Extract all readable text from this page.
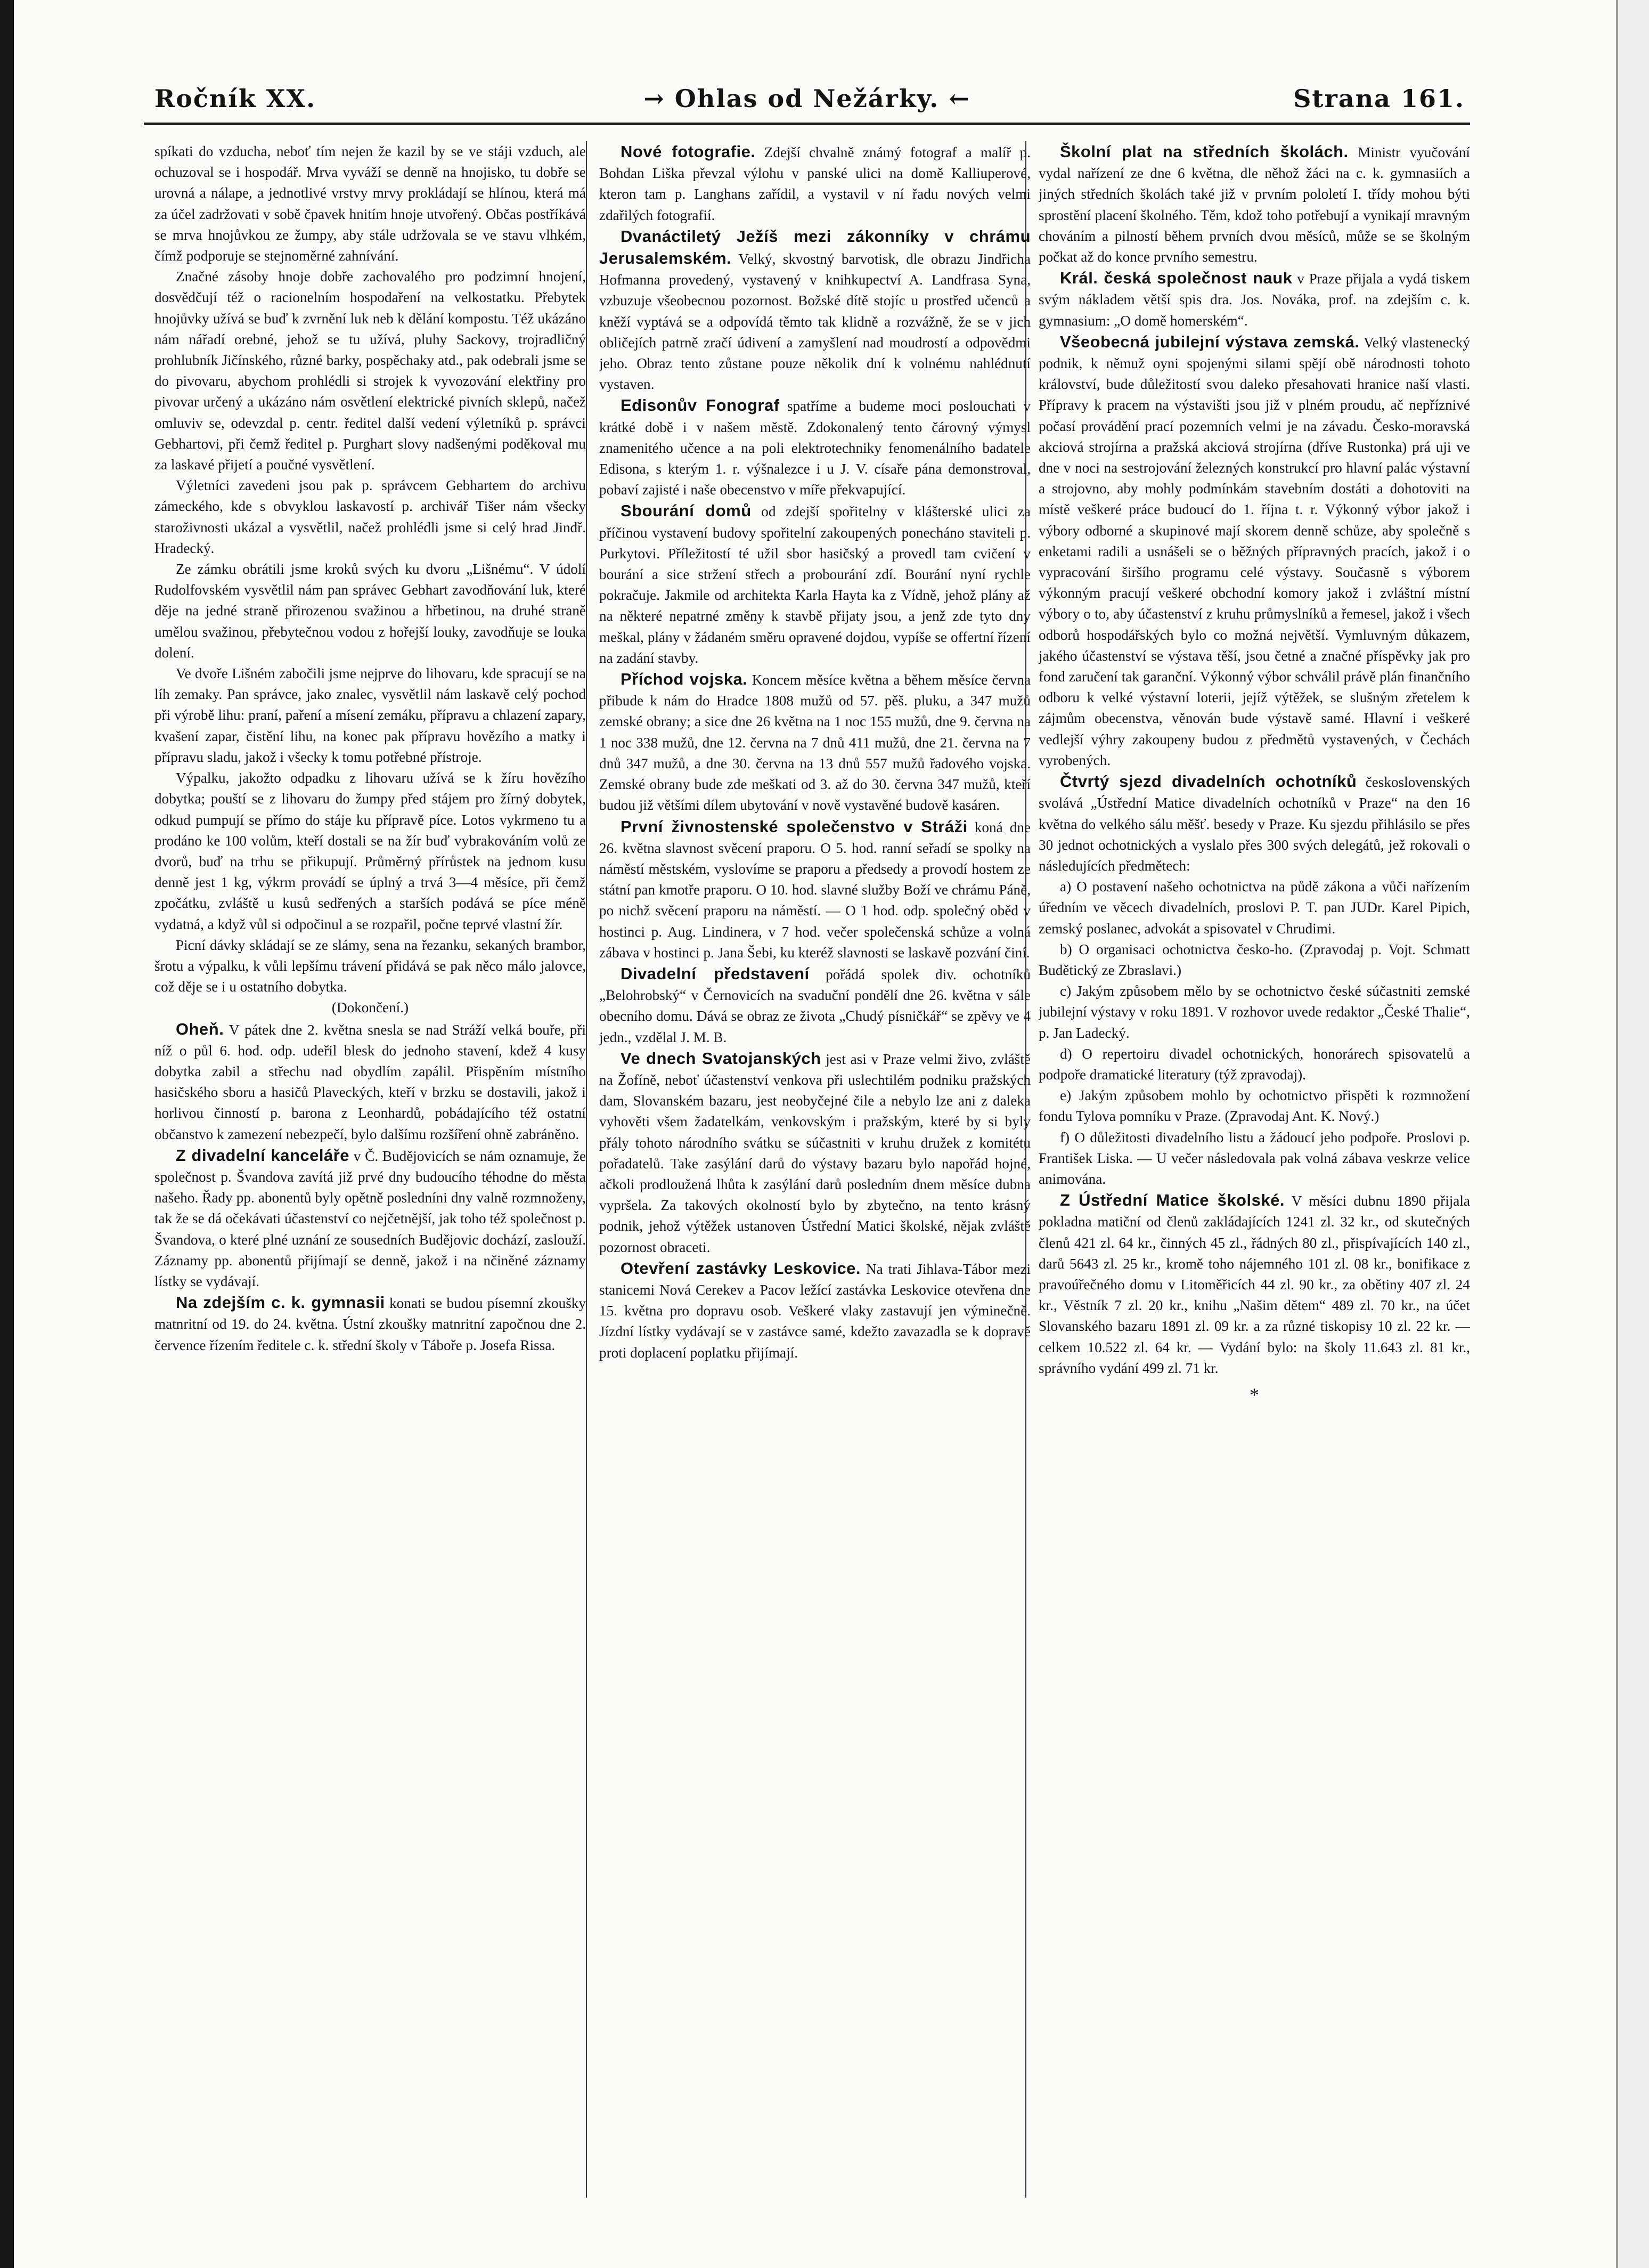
Ročník XX.	→ Ohlas od Nežárky. ←	Strana 161.

spíkati do vzducha, neboť tím nejen že kazil by se ve stáji vzduch, ale ochuzoval se i hospodář. Mrva vyváží se denně na hnojisko, tu dobře se urovná a nálape, a jednotlivé vrstvy mrvy prokládají se hlínou, která má za účel zadržovati v sobě čpavek hnitím hnoje utvořený. Občas postříkává se mrva hnojůvkou ze žumpy, aby stále udržovala se ve stavu vlhkém, čímž podporuje se stejnoměrné zahnívání.

Značné zásoby hnoje dobře zachovalého pro podzimní hnojení, dosvědčují též o racionelním hospodaření na velkostatku. Přebytek hnojůvky užívá se buď k zvrnění luk neb k dělání kompostu. Též ukázáno nám nářadí orebné, jehož se tu užívá, pluhy Sackovy, trojradličný prohlubník Jičínského, různé barky, pospěchaky atd., pak odebrali jsme se do pivovaru, abychom prohlédli si strojek k vyvozování elektřiny pro pivovar určený a ukázáno nám osvětlení elektrické pivních sklepů, načež omluviv se, odevzdal p. centr. ředitel další vedení výletníků p. správci Gebhartovi, při čemž ředitel p. Purghart slovy nadšenými poděkoval mu za laskavé přijetí a poučné vysvětlení.

Výletníci zavedeni jsou pak p. správcem Gebhartem do archivu zámeckého, kde s obvyklou laskavostí p. archivář Tišer nám všecky staroživnosti ukázal a vysvětlil, načež prohlédli jsme si celý hrad Jindř. Hradecký.

Ze zámku obrátili jsme kroků svých ku dvoru „Lišnému“. V údolí Rudolfovském vysvětlil nám pan správec Gebhart zavodňování luk, které děje na jedné straně přirozenou svažinou a hřbetinou, na druhé straně umělou svažinou, přebytečnou vodou z hořejší louky, zavodňuje se louka dolení.

Ve dvoře Lišném zabočili jsme nejprve do lihovaru, kde spracují se na líh zemaky. Pan správce, jako znalec, vysvětlil nám laskavě celý pochod při výrobě lihu: praní, paření a mísení zemáku, přípravu a chlazení zapary, kvašení zapar, čistění lihu, na konec pak přípravu hovězího a matky i přípravu sladu, jakož i všecky k tomu potřebné přístroje.

Výpalku, jakožto odpadku z lihovaru užívá se k žíru hovězího dobytka; pouští se z lihovaru do žumpy před stájem pro žírný dobytek, odkud pumpují se přímo do stáje ku přípravě píce. Lotos vykrmeno tu a prodáno ke 100 volům, kteří dostali se na žír buď vybrakováním volů ze dvorů, buď na trhu se přikupují. Průměrný přírůstek na jednom kusu denně jest 1 kg, výkrm provádí se úplný a trvá 3—4 měsíce, při čemž zpočátku, zvláště u kusů sedřených a starších podává se píce méně vydatná, a když vůl si odpočinul a se rozpařil, počne teprvé vlastní žír.

Picní dávky skládají se ze slámy, sena na řezanku, sekaných brambor, šrotu a výpalku, k vůli lepšímu trávení přidává se pak něco málo jalovce, což děje se i u ostatního dobytka.

(Dokončení.)

Oheň. V pátek dne 2. května snesla se nad Stráží velká bouře, při níž o půl 6. hod. odp. udeřil blesk do jednoho stavení, kdež 4 kusy dobytka zabil a střechu nad obydlím zapálil. Přispěním místního hasičského sboru a hasičů Plaveckých, kteří v brzku se dostavili, jakož i horlivou činností p. barona z Leonhardů, pobádajícího též ostatní občanstvo k zamezení nebezpečí, bylo dalšímu rozšíření ohně zabráněno.

Z divadelní kanceláře v Č. Budějovicích se nám oznamuje, že společnost p. Švandova zavítá již prvé dny budoucího téhodne do města našeho. Řady pp. abonentů byly opětně posledníni dny valně rozmnoženy, tak že se dá očekávati účastenství co nejčetnější, jak toho též společnost p. Švandova, o které plné uznání ze sousedních Budějovic dochází, zaslouží. Záznamy pp. abonentů přijímají se denně, jakož i na nčiněné záznamy lístky se vydávají.

Na zdejším c. k. gymnasii konati se budou písemní zkoušky matnritní od 19. do 24. května. Ústní zkoušky matnritní započnou dne 2. července řízením ředitele c. k. střední školy v Táboře p. Josefa Rissa.

Nové fotografie. Zdejší chvalně známý fotograf a malíř p. Bohdan Liška převzal výlohu v panské ulici na domě Kalliuperové, kteron tam p. Langhans zařídil, a vystavil v ní řadu nových velmi zdařilých fotografií.

Dvanáctiletý Ježíš mezi zákonníky v chrámu Jerusalemském. Velký, skvostný barvotisk, dle obrazu Jindřicha Hofmanna provedený, vystavený v knihkupectví A. Landfrasa Syna, vzbuzuje všeobecnou pozornost. Božské dítě stojíc u prostřed učenců a kněží vyptává se a odpovídá těmto tak klidně a rozvážně, že se v jich obličejích patrně zračí údivení a zamyšlení nad moudrostí a odpovědmi jeho. Obraz tento zůstane pouze několik dní k volnému nahlédnutí vystaven.

Edisonův Fonograf spatříme a budeme moci poslouchati v krátké době i v našem městě. Zdokonalený tento čárovný výmysl znamenitého učence a na poli elektrotechniky fenomenálního badatele Edisona, s kterým 1. r. výšnalezce i u J. V. císaře pána demonstroval, pobaví zajisté i naše obecenstvo v míře překvapující.

Sbourání domů od zdejší spořitelny v klášterské ulici za příčinou vystavení budovy spořitelní zakoupených ponecháno staviteli p. Purkytovi. Příležitostí té užil sbor hasičský a provedl tam cvičení v bourání a sice stržení střech a probourání zdí. Bourání nyní rychle pokračuje. Jakmile od architekta Karla Hayta ka z Vídně, jehož plány až na některé nepatrné změny k stavbě přijaty jsou, a jenž zde tyto dny meškal, plány v žádaném směru opravené dojdou, vypíše se offertní řízení na zadání stavby.

Příchod vojska. Koncem měsíce května a během měsíce června přibude k nám do Hradce 1808 mužů od 57. pěš. pluku, a 347 mužů zemské obrany; a sice dne 26 května na 1 noc 155 mužů, dne 9. června na 1 noc 338 mužů, dne 12. června na 7 dnů 411 mužů, dne 21. června na 7 dnů 347 mužů, a dne 30. června na 13 dnů 557 mužů řadového vojska. Zemské obrany bude zde meškati od 3. až do 30. června 347 mužů, kteří budou již většími dílem ubytování v nově vystavěné budově kasáren.

První živnostenské společenstvo v Stráži koná dne 26. května slavnost svěcení praporu. O 5. hod. ranní seřadí se spolky na náměstí městském, vyslovíme se praporu a předsedy a provodí hostem ze státní pan kmotře praporu. O 10. hod. slavné služby Boží ve chrámu Páně, po nichž svěcení praporu na náměstí. — O 1 hod. odp. společný oběd v hostinci p. Aug. Lindinera, v 7 hod. večer společenská schůze a volná zábava v hostinci p. Jana Šebi, ku kteréž slavnosti se laskavě pozvání činí.

Divadelní představení pořádá spolek div. ochotníků „Belohrobský“ v Černovicích na svaduční pondělí dne 26. května v sále obecního domu. Dává se obraz ze života „Chudý písničkář“ se zpěvy ve 4 jedn., vzdělal J. M. B.

Ve dnech Svatojanských jest asi v Praze velmi živo, zvláště na Žofíně, neboť účastenství venkova při uslechtilém podniku pražských dam, Slovanském bazaru, jest neobyčejné čile a nebylo lze ani z daleka vyhověti všem žadatelkám, venkovským i pražským, které by si byly přály tohoto národního svátku se súčastniti v kruhu družek z komitétu pořadatelů. Take zasýlání darů do výstavy bazaru bylo napořád hojné, ačkoli prodloužená lhůta k zasýlání darů posledním dnem měsíce dubna vypršela. Za takových okolností bylo by zbytečno, na tento krásný podnik, jehož výtěžek ustanoven Ústřední Matici školské, nějak zvláště pozornost obraceti.

Otevření zastávky Leskovice. Na trati Jihlava-Tábor mezi stanicemi Nová Cerekev a Pacov ležící zastávka Leskovice otevřena dne 15. května pro dopravu osob. Veškeré vlaky zastavují jen výminečně. Jízdní lístky vydávají se v zastávce samé, kdežto zavazadla se k dopravě proti doplacení poplatku přijímají.

Školní plat na středních školách. Ministr vyučování vydal nařízení ze dne 6 května, dle něhož žáci na c. k. gymnasiích a jiných středních školách také již v prvním pololetí I. třídy mohou býti sprostění placení školného. Těm, kdož toho potřebují a vynikají mravným chováním a pilností během prvních dvou měsíců, může se se školným počkat až do konce prvního semestru.

Král. česká společnost nauk v Praze přijala a vydá tiskem svým nákladem větší spis dra. Jos. Nováka, prof. na zdejším c. k. gymnasium: „O domě homerském“.

Všeobecná jubilejní výstava zemská. Velký vlastenecký podnik, k němuž oyni spojenými silami spějí obě národnosti tohoto království, bude důležitostí svou daleko přesahovati hranice naší vlasti. Přípravy k pracem na výstavišti jsou již v plném proudu, ač nepříznivé počasí provádění prací pozemních velmi je na závadu. Česko-moravská akciová strojírna a pražská akciová strojírna (dříve Rustonka) prá uji ve dne v noci na sestrojování železných konstrukcí pro hlavní palác výstavní a strojovno, aby mohly podmínkám stavebním dostáti a dohotoviti na místě veškeré práce budoucí do 1. října t. r. Výkonný výbor jakož i výbory odborné a skupinové mají skorem denně schůze, aby společně s enketami radili a usnášeli se o běžných přípravných pracích, jakož i o vypracování širšího programu celé výstavy. Současně s výborem výkonným pracují veškeré obchodní komory jakož i zvláštní místní výbory o to, aby účastenství z kruhu průmyslníků a řemesel, jakož i všech odborů hospodářských bylo co možná největší. Vymluvným důkazem, jakého účastenství se výstava těší, jsou četné a značné příspěvky jak pro fond zaručení tak garanční. Výkonný výbor schválil právě plán finančního odboru k velké výstavní loterii, jejíž výtěžek, se slušným zřetelem k zájmům obecenstva, věnován bude výstavě samé. Hlavní i veškeré vedlejší výhry zakoupeny budou z předmětů vystavených, v Čechách vyrobených.

Čtvrtý sjezd divadelních ochotníků československých svolává „Ústřední Matice divadelních ochotníků v Praze“ na den 16 května do velkého sálu měšť. besedy v Praze. Ku sjezdu přihlásilo se přes 30 jednot ochotnických a vyslalo přes 300 svých delegátů, jež rokovali o následujících předmětech:

a) O postavení našeho ochotnictva na půdě zákona a vůči nařízením úředním ve věcech divadelních, proslovi P. T. pan JUDr. Karel Pipich, zemský poslanec, advokát a spisovatel v Chrudimi.

b) O organisaci ochotnictva česko-ho. (Zpravodaj p. Vojt. Schmatt Budětický ze Zbraslavi.)

c) Jakým způsobem mělo by se ochotnictvo české súčastniti zemské jubilejní výstavy v roku 1891. V rozhovor uvede redaktor „České Thalie“, p. Jan Ladecký.

d) O repertoiru divadel ochotnických, honorárech spisovatelů a podpoře dramatické literatury (týž zpravodaj).

e) Jakým způsobem mohlo by ochotnictvo přispěti k rozmnožení fondu Tylova pomníku v Praze. (Zpravodaj Ant. K. Nový.)

f) O důležitosti divadelního listu a žádoucí jeho podpoře. Proslovi p. František Liska. — U večer následovala pak volná zábava veskrze velice animována.

Z Ústřední Matice školské. V měsíci dubnu 1890 přijala pokladna matiční od členů zakládajících 1241 zl. 32 kr., od skutečných členů 421 zl. 64 kr., činných 45 zl., řádných 80 zl., přispívajících 140 zl., darů 5643 zl. 25 kr., kromě toho nájemného 101 zl. 08 kr., bonifikace z pravoúřečného domu v Litoměřicích 44 zl. 90 kr., za obětiny 407 zl. 24 kr., Věstník 7 zl. 20 kr., knihu „Našim dětem“ 489 zl. 70 kr., na účet Slovanského bazaru 1891 zl. 09 kr. a za různé tiskopisy 10 zl. 22 kr. — celkem 10.522 zl. 64 kr. — Vydání bylo: na školy 11.643 zl. 81 kr., správního vydání 499 zl. 71 kr.

*
